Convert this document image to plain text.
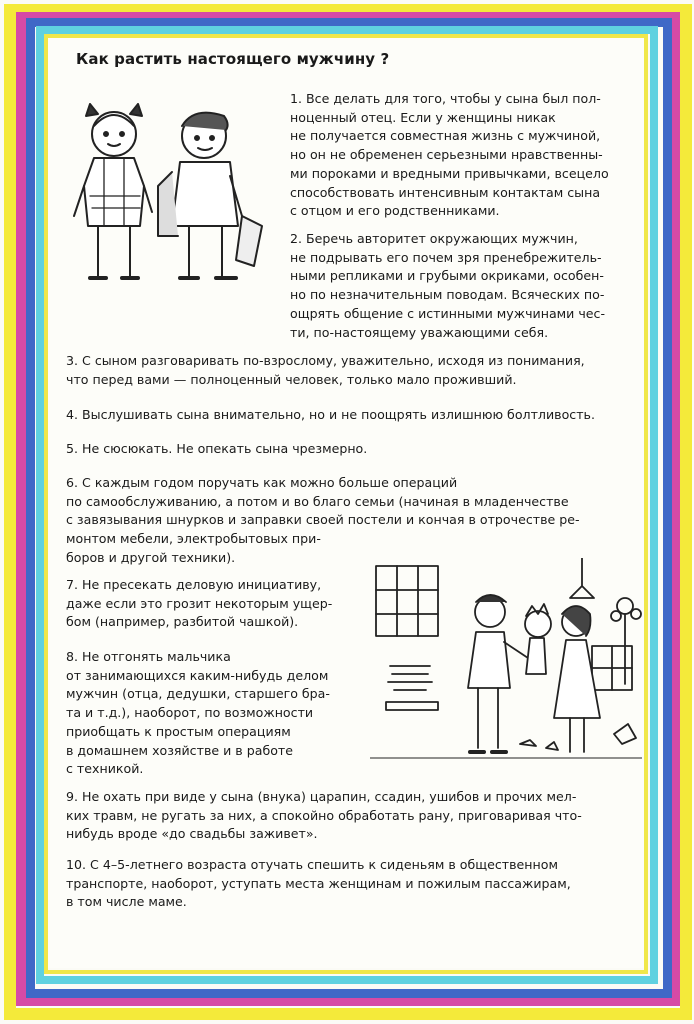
Как растить настоящего мужчину ?

1. Все делать для того, чтобы у сына был пол-
ноценный отец. Если у женщины никак
не получается совместная жизнь с мужчиной,
но он не обременен серьезными нравственны-
ми пороками и вредными привычками, всецело
способствовать интенсивным контактам сына
с отцом и его родственниками.

2. Беречь авторитет окружающих мужчин,
не подрывать его почем зря пренебрежитель-
ными репликами и грубыми окриками, особен-
но по незначительным поводам. Всяческих по-
ощрять общение с истинными мужчинами чес-
ти, по-настоящему уважающими себя.

3. С сыном разговаривать по-взрослому, уважительно, исходя из понимания,
что перед вами — полноценный человек, только мало проживший.

4. Выслушивать сына внимательно, но и не поощрять излишнюю болтливость.

5. Не сюсюкать. Не опекать сына чрезмерно.

6. С каждым годом поручать как можно больше операций
по самообслуживанию, а потом и во благо семьи (начиная в младенчестве
с завязывания шнурков и заправки своей постели и кончая в отрочестве ре-
монтом мебели, электробытовых при-
боров и другой техники).

7. Не пресекать деловую инициативу,
даже если это грозит некоторым ущер-
бом (например, разбитой чашкой).

8. Не отгонять мальчика
от занимающихся каким-нибудь делом
мужчин (отца, дедушки, старшего бра-
та и т.д.), наоборот, по возможности
приобщать к простым операциям
в домашнем хозяйстве и в работе
с техникой.

9. Не охать при виде у сына (внука) царапин, ссадин, ушибов и прочих мел-
ких травм, не ругать за них, а спокойно обработать рану, приговаривая что-
нибудь вроде «до свадьбы заживет».

10. С 4–5-летнего возраста отучать спешить к сиденьям в общественном
транспорте, наоборот, уступать места женщинам и пожилым пассажирам,
в том числе маме.
